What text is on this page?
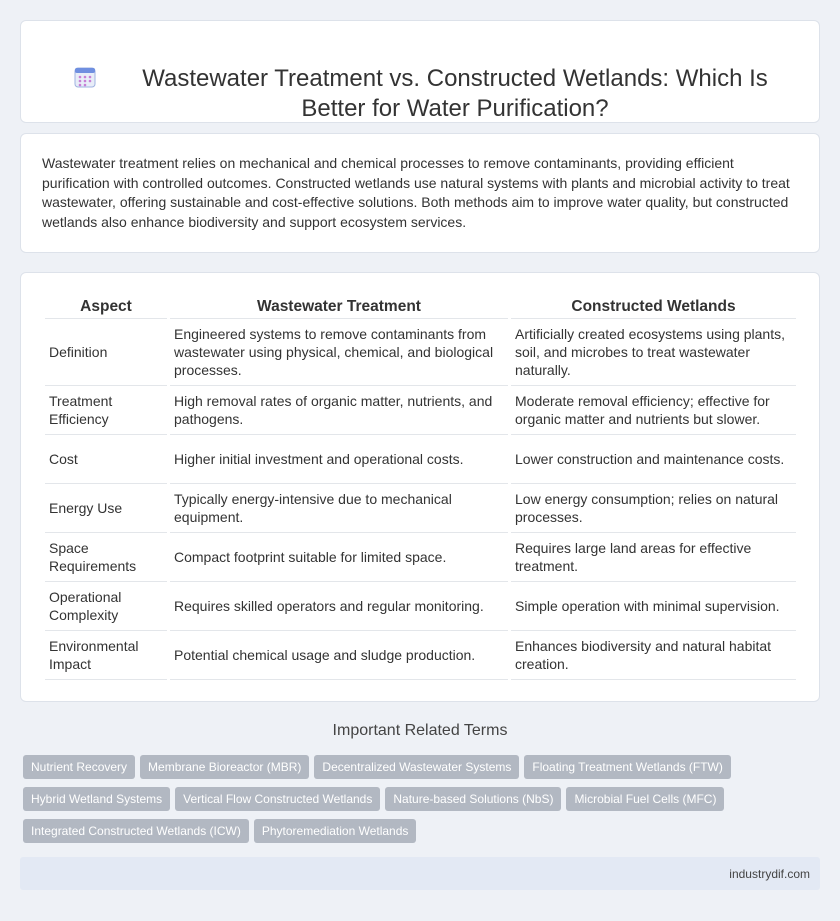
Wastewater Treatment vs. Constructed Wetlands: Which Is Better for Water Purification?

Wastewater treatment relies on mechanical and chemical processes to remove contaminants, providing efficient purification with controlled outcomes. Constructed wetlands use natural systems with plants and microbial activity to treat wastewater, offering sustainable and cost-effective solutions. Both methods aim to improve water quality, but constructed wetlands also enhance biodiversity and support ecosystem services.

Aspect	Wastewater Treatment	Constructed Wetlands
Definition	Engineered systems to remove contaminants from wastewater using physical, chemical, and biological processes.	Artificially created ecosystems using plants, soil, and microbes to treat wastewater naturally.
Treatment Efficiency	High removal rates of organic matter, nutrients, and pathogens.	Moderate removal efficiency; effective for organic matter and nutrients but slower.
Cost	Higher initial investment and operational costs.	Lower construction and maintenance costs.
Energy Use	Typically energy-intensive due to mechanical equipment.	Low energy consumption; relies on natural processes.
Space Requirements	Compact footprint suitable for limited space.	Requires large land areas for effective treatment.
Operational Complexity	Requires skilled operators and regular monitoring.	Simple operation with minimal supervision.
Environmental Impact	Potential chemical usage and sludge production.	Enhances biodiversity and natural habitat creation.
Important Related Terms
Nutrient Recovery Membrane Bioreactor (MBR) Decentralized Wastewater Systems Floating Treatment Wetlands (FTW)
Hybrid Wetland Systems Vertical Flow Constructed Wetlands Nature-based Solutions (NbS) Microbial Fuel Cells (MFC)
Integrated Constructed Wetlands (ICW) Phytoremediation Wetlands
industrydif.com
